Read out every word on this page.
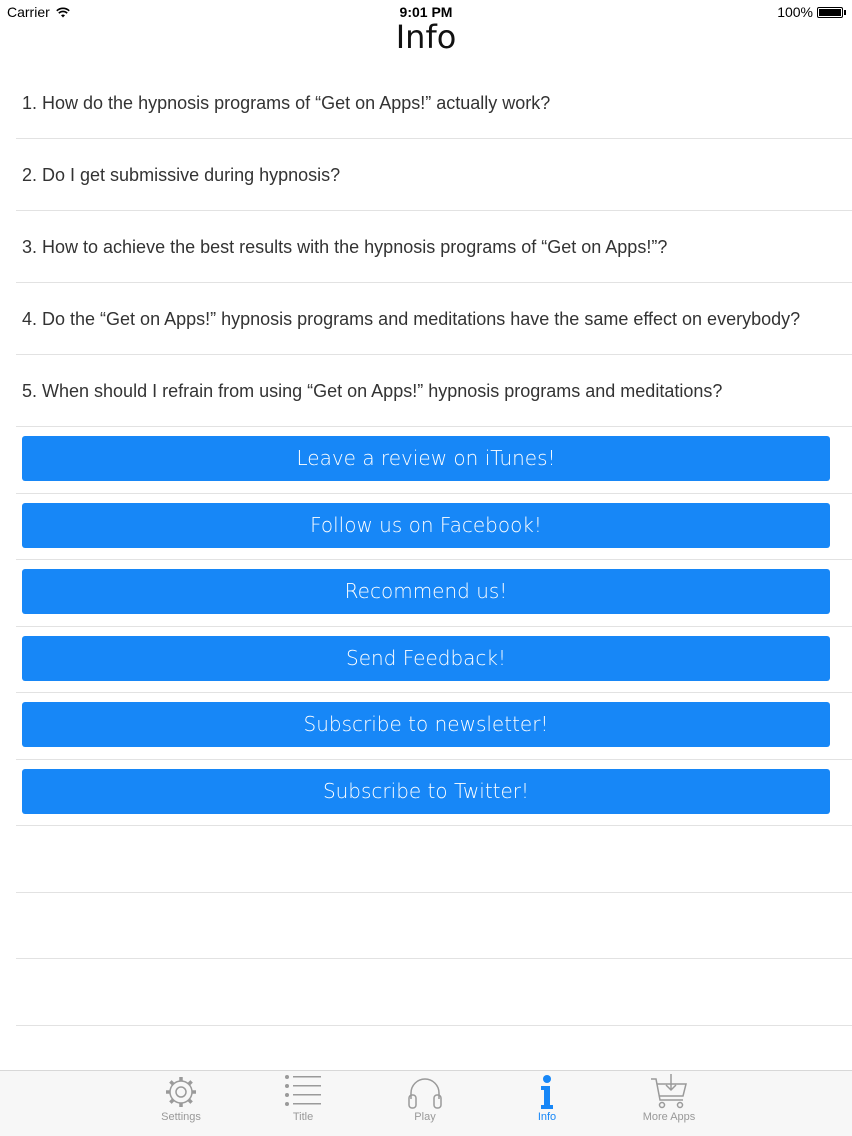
Carrier	9:01 PM	100%
Info
1. How do the hypnosis programs of “Get on Apps!” actually work?
2. Do I get submissive during hypnosis?
3. How to achieve the best results with the hypnosis programs of “Get on Apps!”?
4. Do the “Get on Apps!” hypnosis programs and meditations have the same effect on everybody?
5. When should I refrain from using “Get on Apps!” hypnosis programs and meditations?
Leave a review on iTunes!
Follow us on Facebook!
Recommend us!
Send Feedback!
Subscribe to newsletter!
Subscribe to Twitter!
Settings	Title	Play	Info	More Apps
